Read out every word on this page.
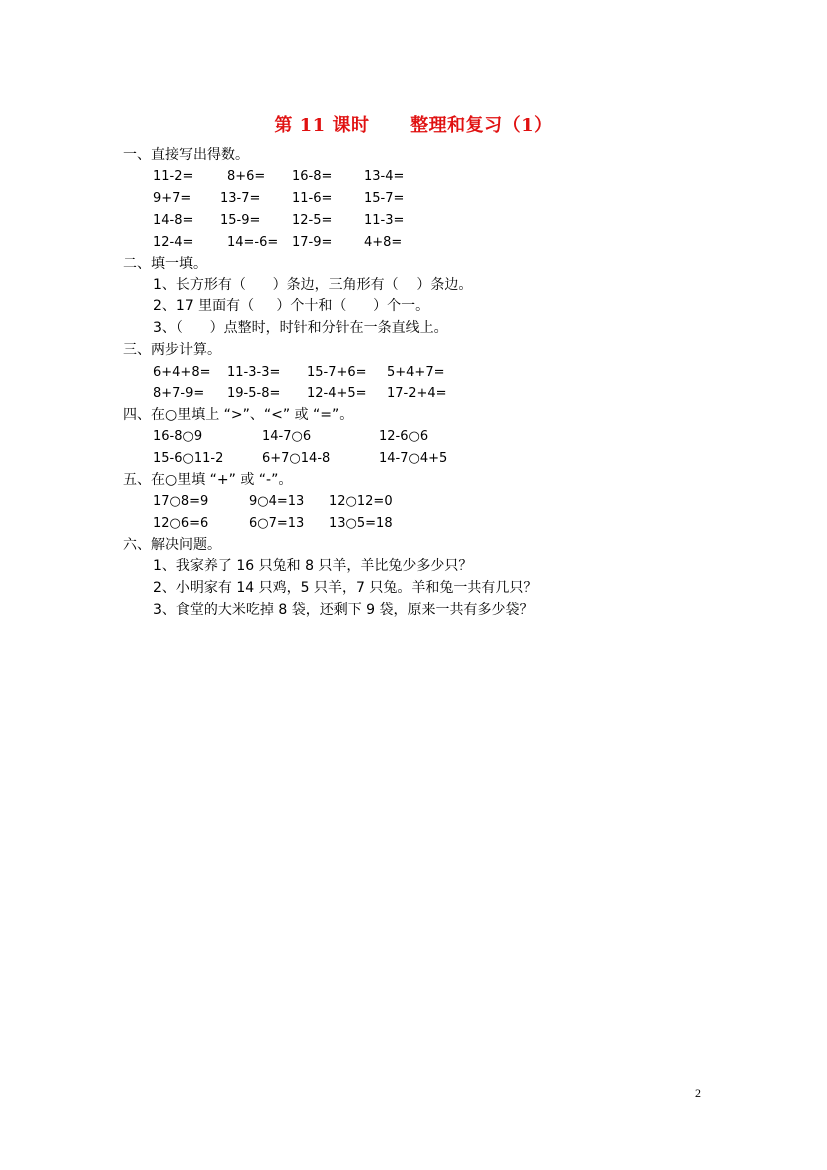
第 11 课时      整理和复习（1）
一、直接写出得数。
11-2=	8+6= 16-8= 13-4=
9+7= 13-7= 11-6= 15-7=
14-8= 15-9= 12-5= 11-3=
12-4=	14=-6= 17-9= 4+8=
二、填一填。
1、长方形有（      ）条边，三角形有（    ）条边。
2、17 里面有（     ）个十和（      ）个一。
3、（      ）点整时，时针和分针在一条直线上。
三、两步计算。
6+4+8= 11-3-3= 15-7+6= 5+4+7=
8+7-9= 19-5-8= 12-4+5= 17-2+4=
四、在○里填上 “>”、“<” 或 “=”。
16-8○9	14-7○6	12-6○6
15-6○11-2	6+7○14-8	14-7○4+5
五、在○里填 “+” 或 “-”。
17○8=9	9○4=13 12○12=0
12○6=6	6○7=13 13○5=18
六、解决问题。
1、我家养了 16 只兔和 8 只羊，羊比兔少多少只？
2、小明家有 14 只鸡，5 只羊，7 只兔。羊和兔一共有几只？
3、食堂的大米吃掉 8 袋，还剩下 9 袋，原来一共有多少袋？
2
